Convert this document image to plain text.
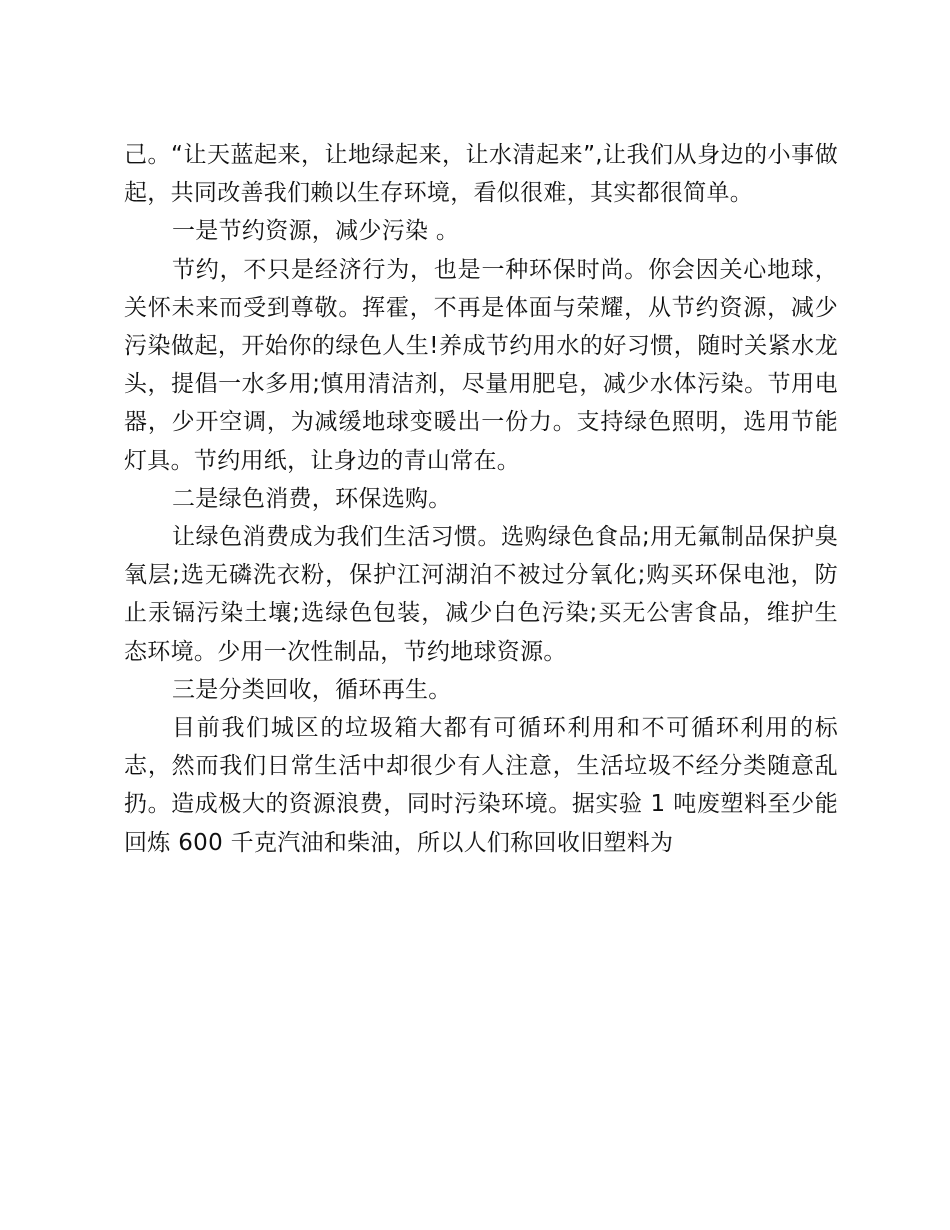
己。“让天蓝起来，让地绿起来，让水清起来”,让我们从身边的小事做起，共同改善我们赖以生存环境，看似很难，其实都很简单。

一是节约资源，减少污染 。

节约，不只是经济行为，也是一种环保时尚。你会因关心地球，关怀未来而受到尊敬。挥霍，不再是体面与荣耀，从节约资源，减少污染做起，开始你的绿色人生!养成节约用水的好习惯，随时关紧水龙头，提倡一水多用;慎用清洁剂，尽量用肥皂，减少水体污染。节用电器，少开空调，为减缓地球变暖出一份力。支持绿色照明，选用节能灯具。节约用纸，让身边的青山常在。

二是绿色消费，环保选购。

让绿色消费成为我们生活习惯。选购绿色食品;用无氟制品保护臭氧层;选无磷洗衣粉，保护江河湖泊不被过分氧化;购买环保电池，防止汞镉污染土壤;选绿色包装，减少白色污染;买无公害食品，维护生态环境。少用一次性制品，节约地球资源。

三是分类回收，循环再生。

目前我们城区的垃圾箱大都有可循环利用和不可循环利用的标志，然而我们日常生活中却很少有人注意，生活垃圾不经分类随意乱扔。造成极大的资源浪费，同时污染环境。据实验 1 吨废塑料至少能回炼 600 千克汽油和柴油，所以人们称回收旧塑料为
